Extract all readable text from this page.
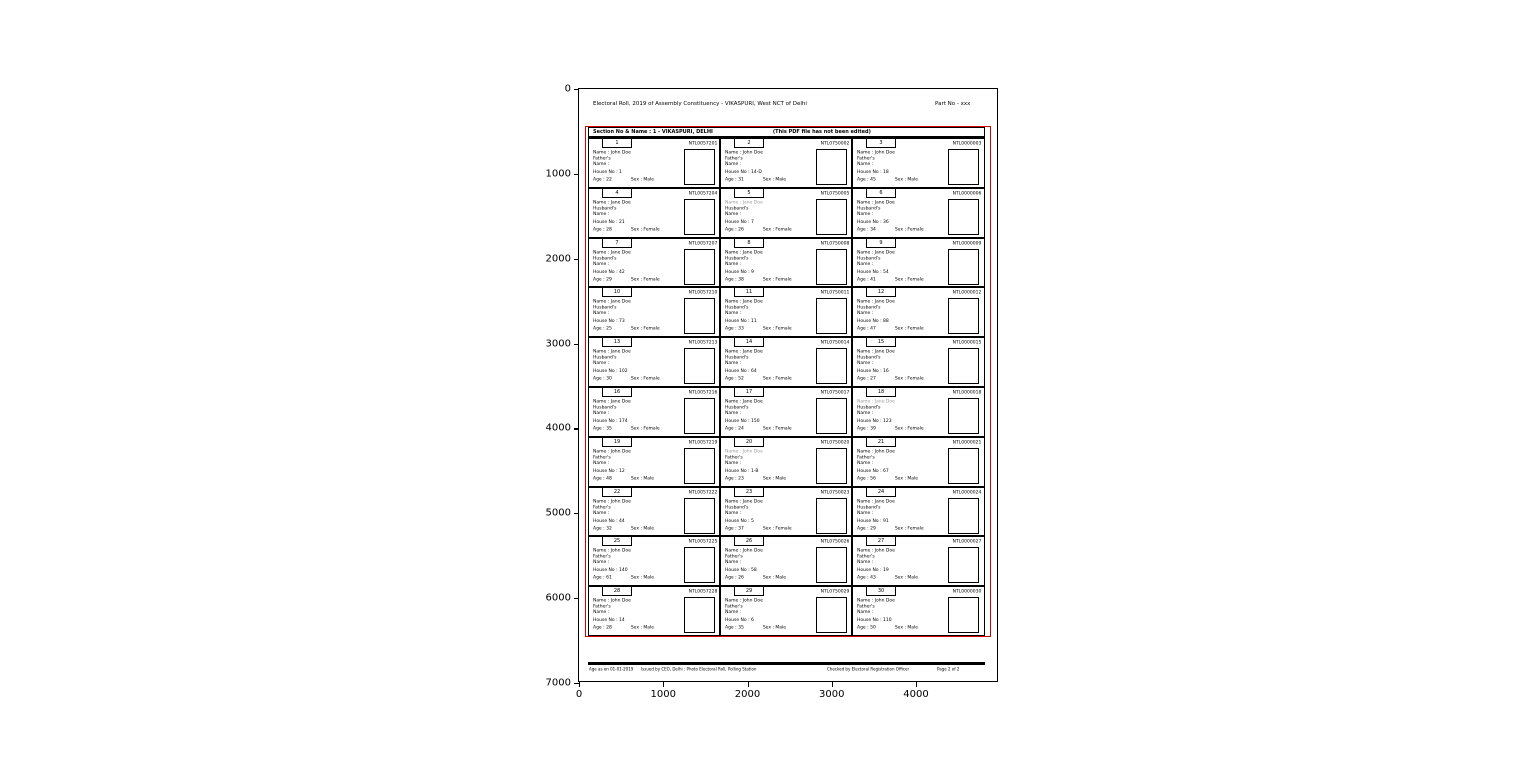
0
1000
2000
3000
4000
5000
6000
7000
0	1000	2000	3000	4000
Electoral Roll, 2019 of Assembly Constituency - VIKASPURI, West NCT of Delhi	Part No - xxx
Section No & Name : 1 - VIKASPURI, DELHI	(This PDF file has not been edited)
1	NTL0057201
Name : John Doe
Father's
Name :
House No : 1
Age : 22 Sex : Male
2	NTL0750002
Name : John Doe
Father's
Name :
House No : 14-D
Age : 31 Sex : Male
3	NTL0000003
Name : John Doe
Father's
Name :
House No : 18
Age : 45 Sex : Male
4	NTL0057204
Name : Jane Doe
Husband's
Name :
House No : 21
Age : 28 Sex : Female
5	NTL0750005
Name : Jane Doe
Husband's
Name :
House No : 7
Age : 26 Sex : Female
6	NTL0000006
Name : Jane Doe
Husband's
Name :
House No : 36
Age : 34 Sex : Female
7	NTL0057207
Name : Jane Doe
Husband's
Name :
House No : 42
Age : 29 Sex : Female
8	NTL0750008
Name : Jane Doe
Husband's
Name :
House No : 9
Age : 38 Sex : Female
9	NTL0000009
Name : Jane Doe
Husband's
Name :
House No : 54
Age : 41 Sex : Female
10	NTL0057210
Name : Jane Doe
Husband's
Name :
House No : 73
Age : 25 Sex : Female
11	NTL0750011
Name : Jane Doe
Husband's
Name :
House No : 11
Age : 33 Sex : Female
12	NTL0000012
Name : Jane Doe
Husband's
Name :
House No : 88
Age : 47 Sex : Female
13	NTL0057213
Name : Jane Doe
Husband's
Name :
House No : 102
Age : 30 Sex : Female
14	NTL0750014
Name : Jane Doe
Husband's
Name :
House No : 64
Age : 52 Sex : Female
15	NTL0000015
Name : Jane Doe
Husband's
Name :
House No : 16
Age : 27 Sex : Female
16	NTL0057216
Name : Jane Doe
Husband's
Name :
House No : 174
Age : 35 Sex : Female
17	NTL0750017
Name : Jane Doe
Husband's
Name :
House No : 150
Age : 24 Sex : Female
18	NTL0000018
Name : Jane Doe
Husband's
Name :
House No : 123
Age : 39 Sex : Female
19	NTL0057219
Name : John Doe
Father's
Name :
House No : 12
Age : 48 Sex : Male
20	NTL0750020
Name : John Doe
Father's
Name :
House No : 1-B
Age : 23 Sex : Male
21	NTL0000021
Name : John Doe
Father's
Name :
House No : 67
Age : 56 Sex : Male
22	NTL0057222
Name : John Doe
Father's
Name :
House No : 44
Age : 32 Sex : Male
23	NTL0750023
Name : Jane Doe
Husband's
Name :
House No : 5
Age : 37 Sex : Female
24	NTL0000024
Name : Jane Doe
Husband's
Name :
House No : 91
Age : 29 Sex : Female
25	NTL0057225
Name : John Doe
Father's
Name :
House No : 140
Age : 61 Sex : Male
26	NTL0750026
Name : John Doe
Father's
Name :
House No : 58
Age : 26 Sex : Male
27	NTL0000027
Name : John Doe
Father's
Name :
House No : 19
Age : 43 Sex : Male
28	NTL0057228
Name : John Doe
Father's
Name :
House No : 14
Age : 28 Sex : Male
29	NTL0750029
Name : John Doe
Father's
Name :
House No : 6
Age : 35 Sex : Male
30	NTL0000030
Name : John Doe
Father's
Name :
House No : 110
Age : 50 Sex : Male
Age as on 01-01-2019 Issued by CEO, Delhi : Photo Electoral Roll, Polling Station	Checked by Electoral Registration Officer	Page 2 of 2
